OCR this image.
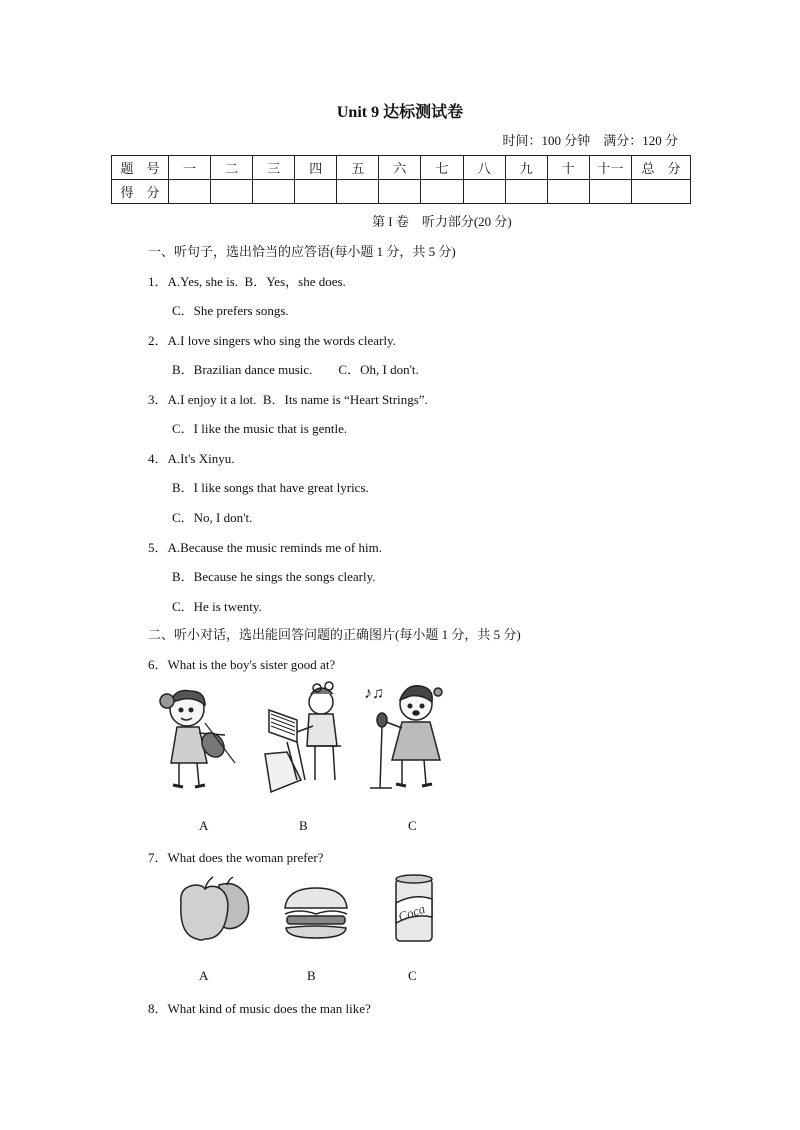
Unit 9 达标测试卷
时间：100 分钟　满分：120 分
题　号	一	二	三	四	五	六	七	八	九	十	十一	总　分
得　分												
第 I 卷　听力部分(20 分)
一、听句子，选出恰当的应答语(每小题 1 分，共 5 分)
1．A.Yes, she is.  B．Yes，she does.
C．She prefers songs.
2．A.I love singers who sing the words clearly.
B．Brazilian dance music.　　C．Oh, I don't.
3．A.I enjoy it a lot.  B．Its name is “Heart Strings”.
C．I like the music that is gentle.
4．A.It's Xinyu.
B．I like songs that have great lyrics.
C．No, I don't.
5．A.Because the music reminds me of him.
B．Because he sings the songs clearly.
C．He is twenty.
二、听小对话，选出能回答问题的正确图片(每小题 1 分，共 5 分)
6．What is the boy's sister good at?
♪♫
A	B	C
7．What does the woman prefer?
Coca
A	B	C
8．What kind of music does the man like?
